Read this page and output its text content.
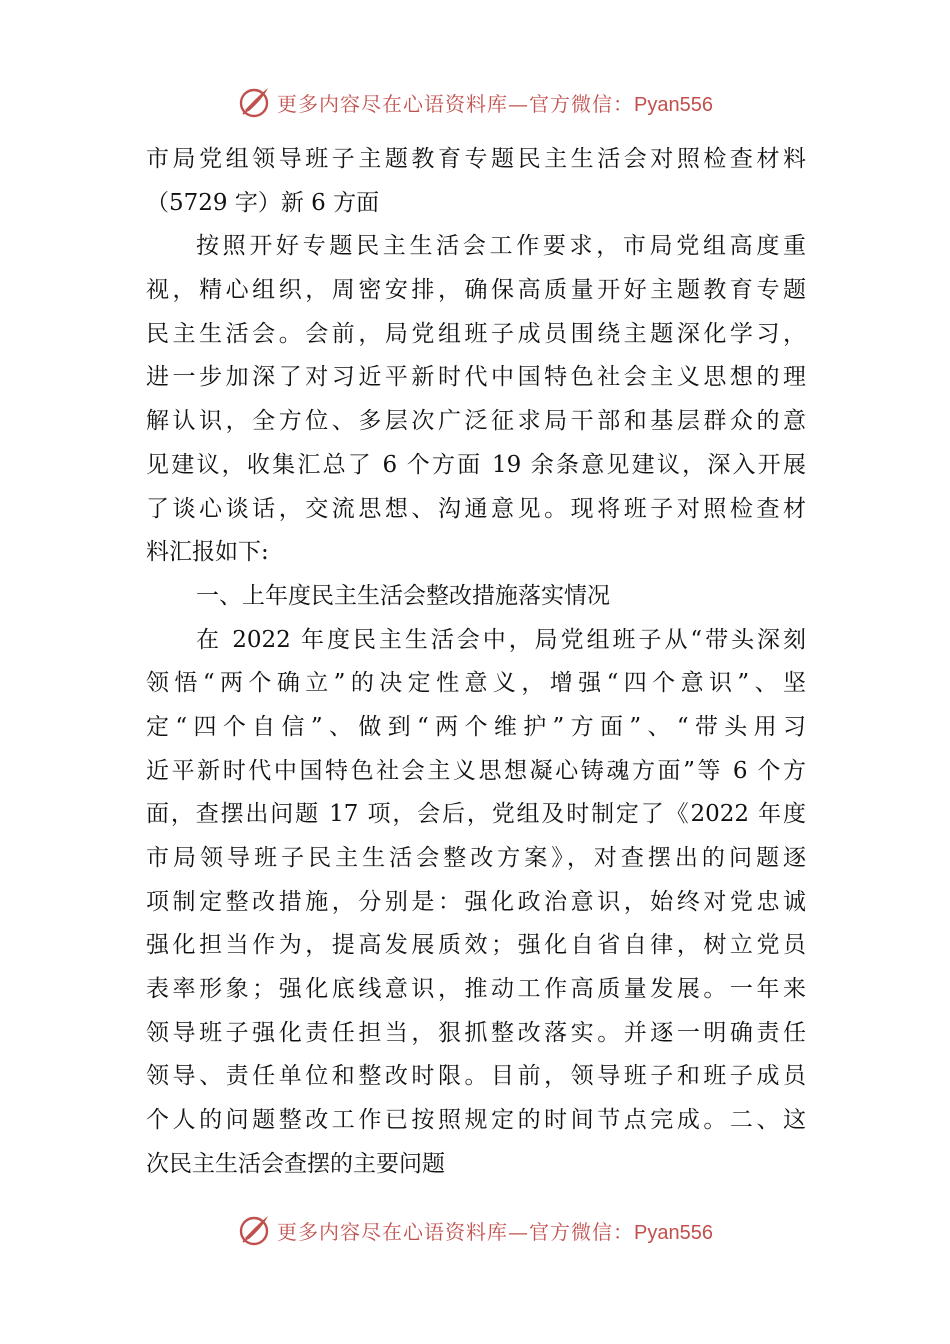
更多内容尽在心语资料库—官方微信：Pyan556
市局党组领导班子主题教育专题民主生活会对照检查材料
（5729 字）新 6 方面
按照开好专题民主生活会工作要求，市局党组高度重
视，精心组织，周密安排，确保高质量开好主题教育专题
民主生活会。会前，局党组班子成员围绕主题深化学习，
进一步加深了对习近平新时代中国特色社会主义思想的理
解认识，全方位、多层次广泛征求局干部和基层群众的意
见建议，收集汇总了 6 个方面 19 余条意见建议，深入开展
了谈心谈话，交流思想、沟通意见。现将班子对照检查材
料汇报如下:
一、上年度民主生活会整改措施落实情况
在 2022 年度民主生活会中，局党组班子从“带头深刻
领悟“两个确立”的决定性意义，增强“四个意识”、坚
定“四个自信”、做到“两个维护”方面”、“带头用习
近平新时代中国特色社会主义思想凝心铸魂方面”等 6 个方
面，查摆出问题 17 项，会后，党组及时制定了《2022 年度
市局领导班子民主生活会整改方案》，对查摆出的问题逐
项制定整改措施，分别是：强化政治意识，始终对党忠诚
强化担当作为，提高发展质效；强化自省自律，树立党员
表率形象；强化底线意识，推动工作高质量发展。一年来
领导班子强化责任担当，狠抓整改落实。并逐一明确责任
领导、责任单位和整改时限。目前，领导班子和班子成员
个人的问题整改工作已按照规定的时间节点完成。二、这
次民主生活会查摆的主要问题
更多内容尽在心语资料库—官方微信：Pyan556
